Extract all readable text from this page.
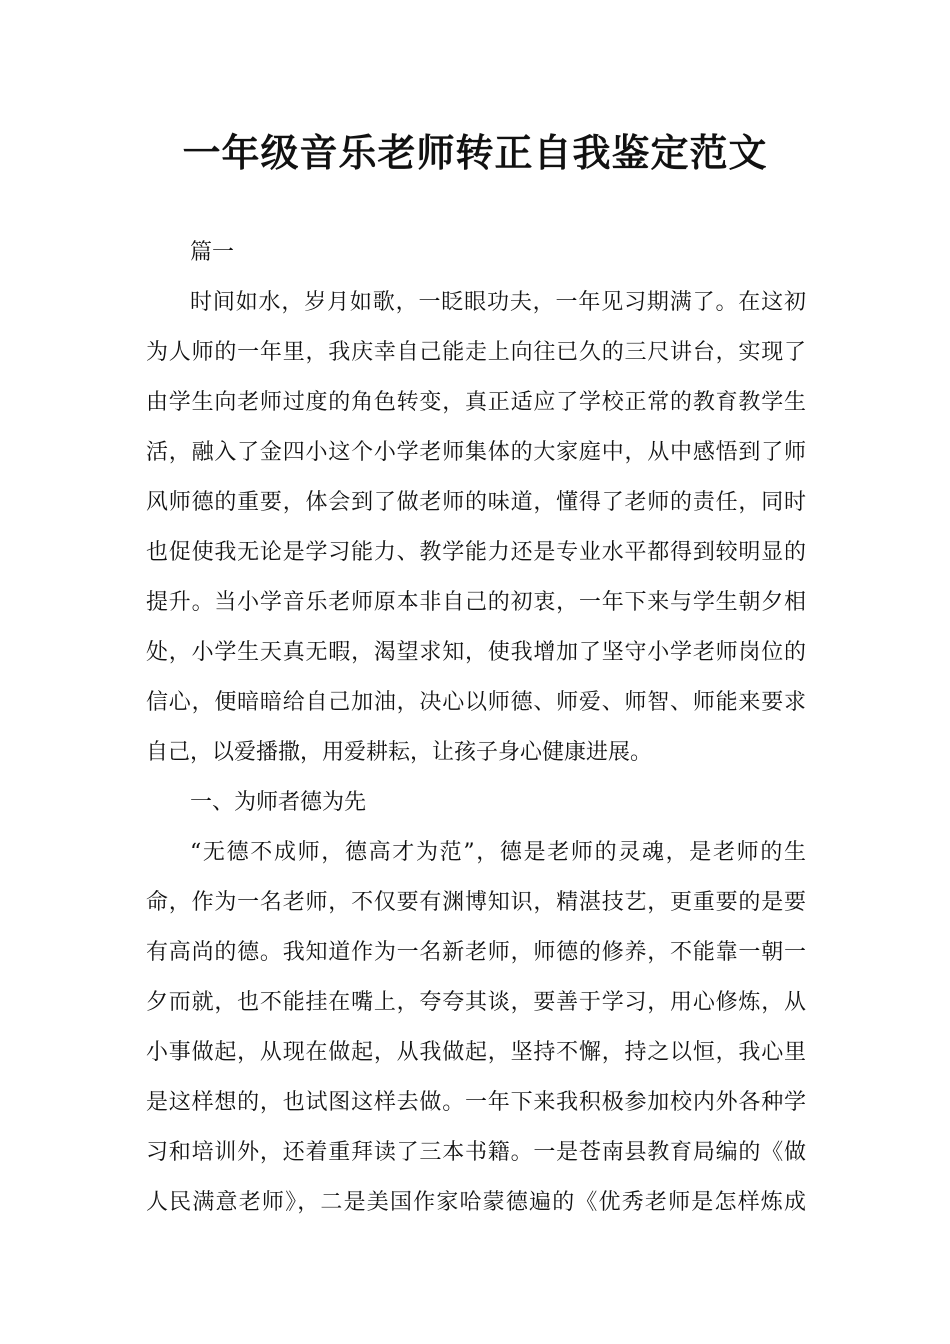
一年级音乐老师转正自我鉴定范文
篇一
时间如水，岁月如歌，一眨眼功夫，一年见习期满了。在这初
为人师的一年里，我庆幸自己能走上向往已久的三尺讲台，实现了
由学生向老师过度的角色转变，真正适应了学校正常的教育教学生
活，融入了金四小这个小学老师集体的大家庭中，从中感悟到了师
风师德的重要，体会到了做老师的味道，懂得了老师的责任，同时
也促使我无论是学习能力、教学能力还是专业水平都得到较明显的
提升。当小学音乐老师原本非自己的初衷，一年下来与学生朝夕相
处，小学生天真无暇，渴望求知，使我增加了坚守小学老师岗位的
信心，便暗暗给自己加油，决心以师德、师爱、师智、师能来要求
自己，以爱播撒，用爱耕耘，让孩子身心健康进展。
一、为师者德为先
“无德不成师，德高才为范”，德是老师的灵魂，是老师的生
命，作为一名老师，不仅要有渊博知识，精湛技艺，更重要的是要
有高尚的德。我知道作为一名新老师，师德的修养，不能靠一朝一
夕而就，也不能挂在嘴上，夸夸其谈，要善于学习，用心修炼，从
小事做起，从现在做起，从我做起，坚持不懈，持之以恒，我心里
是这样想的，也试图这样去做。一年下来我积极参加校内外各种学
习和培训外，还着重拜读了三本书籍。一是苍南县教育局编的《做
人民满意老师》，二是美国作家哈蒙德遍的《优秀老师是怎样炼成
